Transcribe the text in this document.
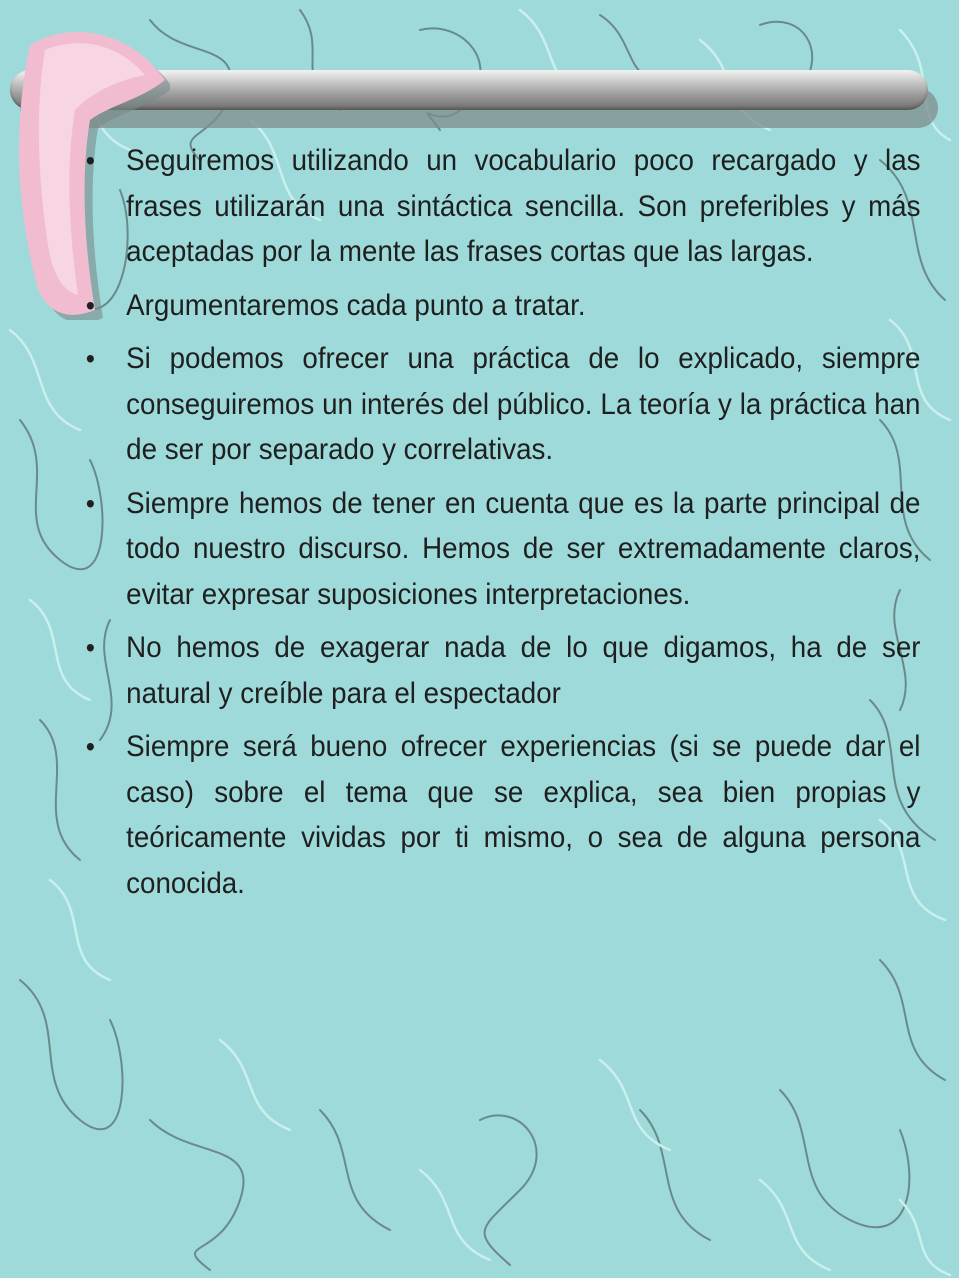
• Seguiremos utilizando un vocabulario poco recargado y las frases utilizarán una sintáctica sencilla. Son preferibles y más aceptadas por la mente las frases cortas que las largas.
• Argumentaremos cada punto a tratar.
• Si podemos ofrecer una práctica de lo explicado, siempre conseguiremos un interés del público. La teoría y la práctica han de ser por separado y correlativas.
• Siempre hemos de tener en cuenta que es la parte principal de todo nuestro discurso. Hemos de ser extremadamente claros, evitar expresar suposiciones interpretaciones.
• No hemos de exagerar nada de lo que digamos, ha de ser natural y creíble para el espectador
• Siempre será bueno ofrecer experiencias (si se puede dar el caso) sobre el tema que se explica, sea bien propias y teóricamente vividas por ti mismo, o sea de alguna persona conocida.
